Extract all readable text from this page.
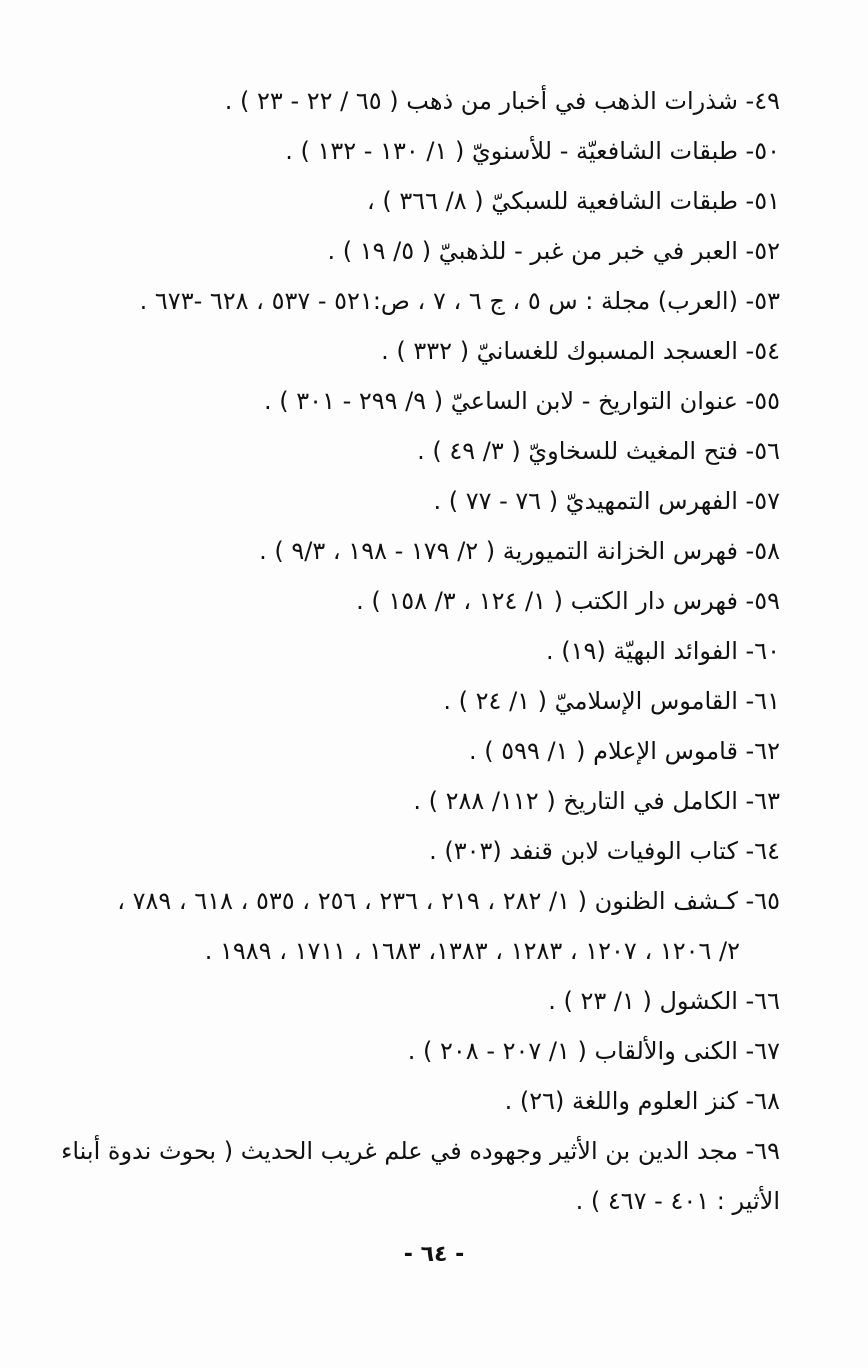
٤٩- شذرات الذهب في أخبار من ذهب ( ٦٥ / ٢٢ - ٢٣ ) .

٥٠- طبقات الشافعيّة - للأسنويّ ( ١/ ١٣٠ - ١٣٢ ) .

٥١- طبقات الشافعية للسبكيّ ( ٨/ ٣٦٦ ) ،

٥٢- العبر في خبر من غبر - للذهبيّ ( ٥/ ١٩ ) .

٥٣- (العرب) مجلة : س ٥ ، ج ٦ ، ٧ ، ص:٥٢١ - ٥٣٧ ، ٦٢٨ -٦٧٣ .

٥٤- العسجد المسبوك للغسانيّ ( ٣٣٢ ) .

٥٥- عنوان التواريخ - لابن الساعيّ ( ٩/ ٢٩٩ - ٣٠١ ) .

٥٦- فتح المغيث للسخاويّ ( ٣/ ٤٩ ) .

٥٧- الفهرس التمهيديّ ( ٧٦ - ٧٧ ) .

٥٨- فهرس الخزانة التميورية ( ٢/ ١٧٩ - ١٩٨ ، ٩/٣ ) .

٥٩- فهرس دار الكتب ( ١/ ١٢٤ ، ٣/ ١٥٨ ) .

٦٠- الفوائد البهيّة (١٩) .

٦١- القاموس الإسلاميّ ( ١/ ٢٤ ) .

٦٢- قاموس الإعلام ( ١/ ٥٩٩ ) .

٦٣- الكامل في التاريخ ( ١١٢/ ٢٨٨ ) .

٦٤- كتاب الوفيات لابن قنفد (٣٠٣) .

٦٥- كـشف الظنون ( ١/ ٢٨٢ ، ٢١٩ ، ٢٣٦ ، ٢٥٦ ، ٥٣٥ ، ٦١٨ ، ٧٨٩ ،
٢/ ١٢٠٦ ، ١٢٠٧ ، ١٢٨٣ ، ١٣٨٣، ١٦٨٣ ، ١٧١١ ، ١٩٨٩ .

٦٦- الكشول ( ١/ ٢٣ ) .

٦٧- الكنى والألقاب ( ١/ ٢٠٧ - ٢٠٨ ) .

٦٨- كنز العلوم واللغة (٢٦) .

٦٩- مجد الدين بن الأثير وجهوده في علم غريب الحديث ( بحوث ندوة أبناء
الأثير : ٤٠١ - ٤٦٧ ) .
- ٦٤ -
